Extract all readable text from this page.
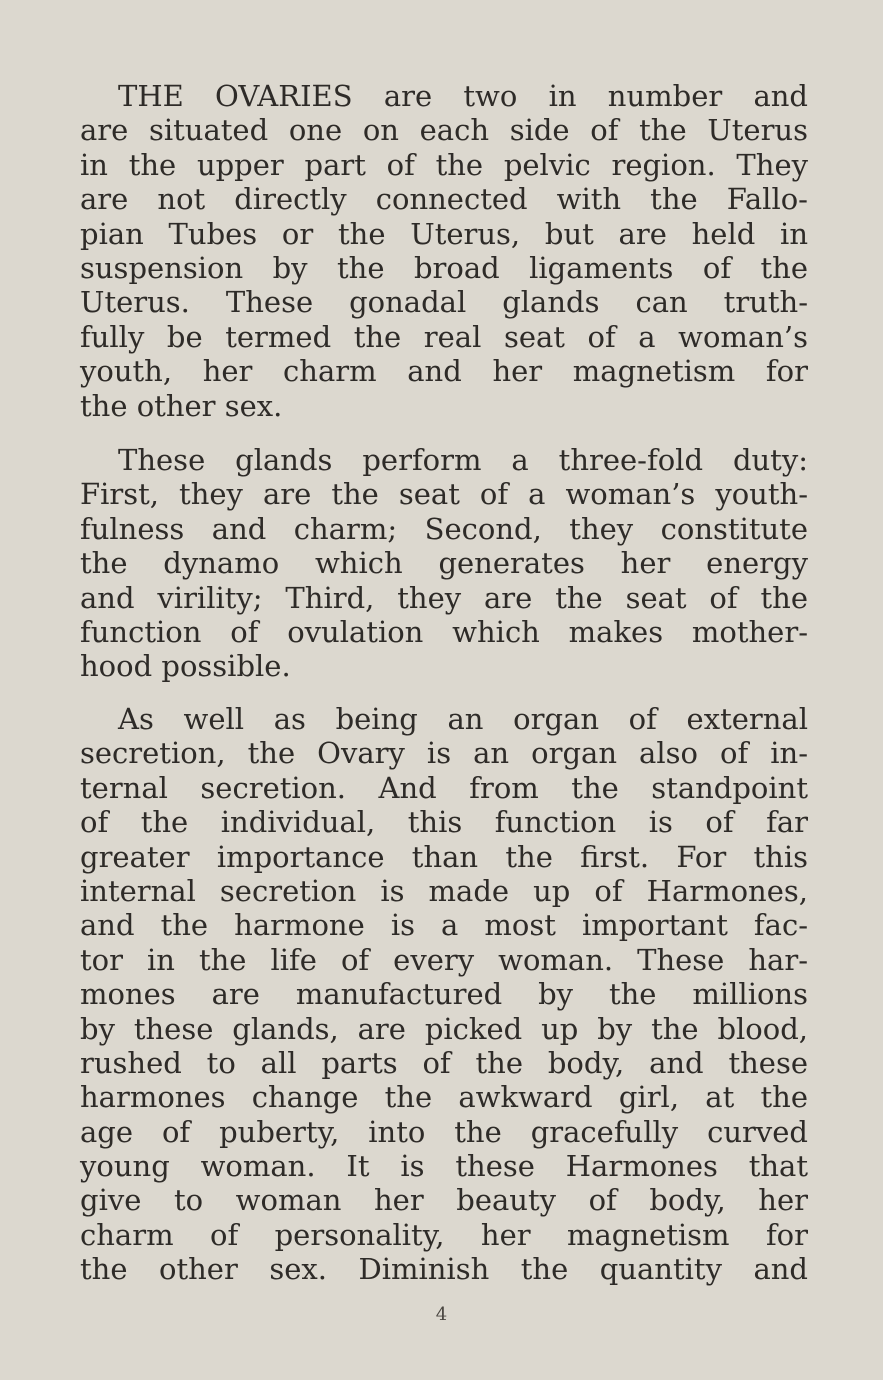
THE OVARIES are two in number and
are situated one on each side of the Uterus
in the upper part of the pelvic region. They
are not directly connected with the Fallo-
pian Tubes or the Uterus, but are held in
suspension by the broad ligaments of the
Uterus. These gonadal glands can truth-
fully be termed the real seat of a woman’s
youth, her charm and her magnetism for
the other sex.
These glands perform a three-fold duty:
First, they are the seat of a woman’s youth-
fulness and charm; Second, they constitute
the dynamo which generates her energy
and virility; Third, they are the seat of the
function of ovulation which makes mother-
hood possible.
As well as being an organ of external
secretion, the Ovary is an organ also of in-
ternal secretion. And from the standpoint
of the individual, this function is of far
greater importance than the first. For this
internal secretion is made up of Harmones,
and the harmone is a most important fac-
tor in the life of every woman. These har-
mones are manufactured by the millions
by these glands, are picked up by the blood,
rushed to all parts of the body, and these
harmones change the awkward girl, at the
age of puberty, into the gracefully curved
young woman. It is these Harmones that
give to woman her beauty of body, her
charm of personality, her magnetism for
the other sex. Diminish the quantity and
4
